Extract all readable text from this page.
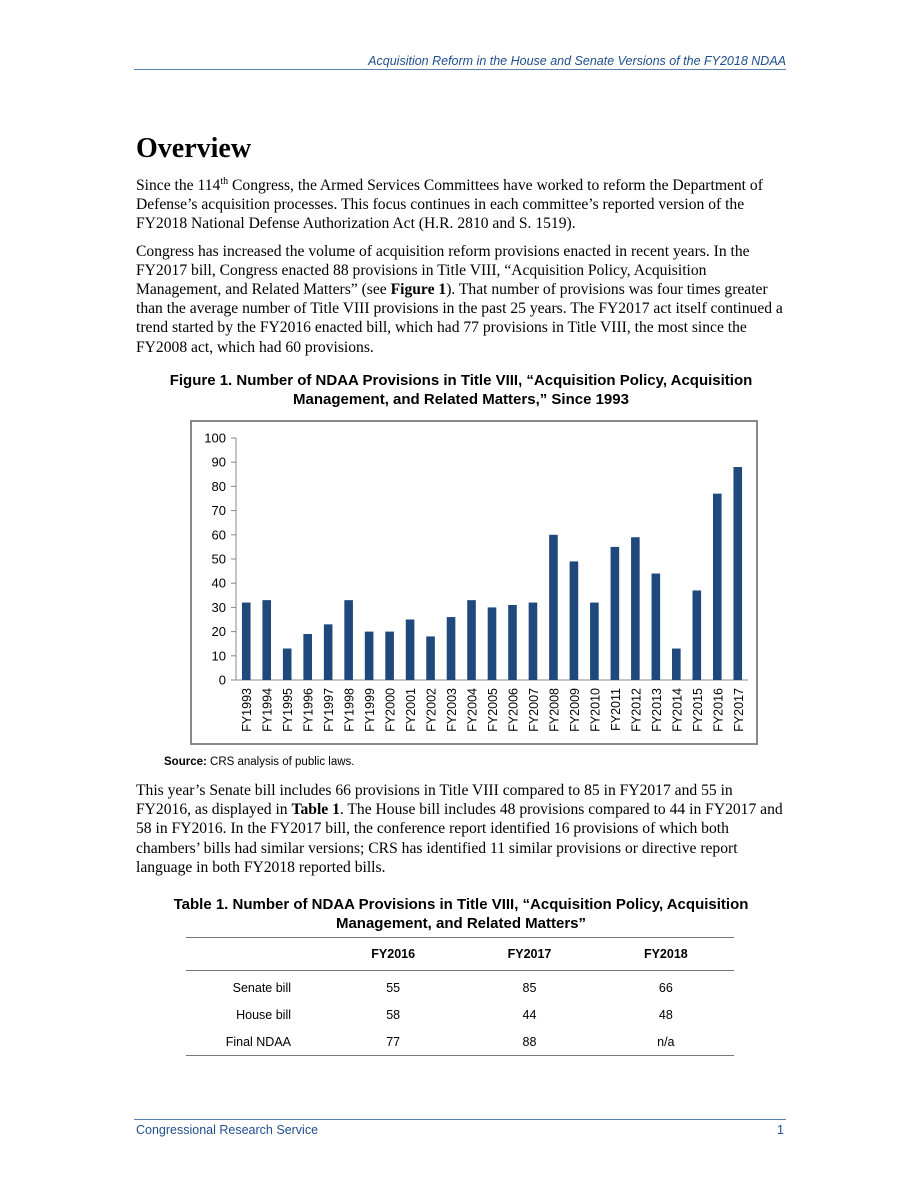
Acquisition Reform in the House and Senate Versions of the FY2018 NDAA
Overview

Since the 114th Congress, the Armed Services Committees have worked to reform the Department of Defense’s acquisition processes. This focus continues in each committee’s reported version of the FY2018 National Defense Authorization Act (H.R. 2810 and S. 1519).

Congress has increased the volume of acquisition reform provisions enacted in recent years. In the FY2017 bill, Congress enacted 88 provisions in Title VIII, “Acquisition Policy, Acquisition Management, and Related Matters” (see Figure 1). That number of provisions was four times greater than the average number of Title VIII provisions in the past 25 years. The FY2017 act itself continued a trend started by the FY2016 enacted bill, which had 77 provisions in Title VIII, the most since the FY2008 act, which had 60 provisions.

Figure 1. Number of NDAA Provisions in Title VIII, “Acquisition Policy, Acquisition Management, and Related Matters,” Since 1993
0
10
20
30
40
50
60
70
80
90
100
FY1993 FY1994 FY1995 FY1996 FY1997 FY1998 FY1999 FY2000 FY2001 FY2002 FY2003 FY2004 FY2005 FY2006 FY2007 FY2008 FY2009 FY2010 FY2011 FY2012 FY2013 FY2014 FY2015 FY2016 FY2017
Source: CRS analysis of public laws.

This year’s Senate bill includes 66 provisions in Title VIII compared to 85 in FY2017 and 55 in FY2016, as displayed in Table 1. The House bill includes 48 provisions compared to 44 in FY2017 and 58 in FY2016. In the FY2017 bill, the conference report identified 16 provisions of which both chambers’ bills had similar versions; CRS has identified 11 similar provisions or directive report language in both FY2018 reported bills.

Table 1. Number of NDAA Provisions in Title VIII, “Acquisition Policy, Acquisition Management, and Related Matters”
	FY2016	FY2017	FY2018
Senate bill	55	85	66
House bill	58	44	48
Final NDAA	77	88	n/a
Congressional Research Service	1
